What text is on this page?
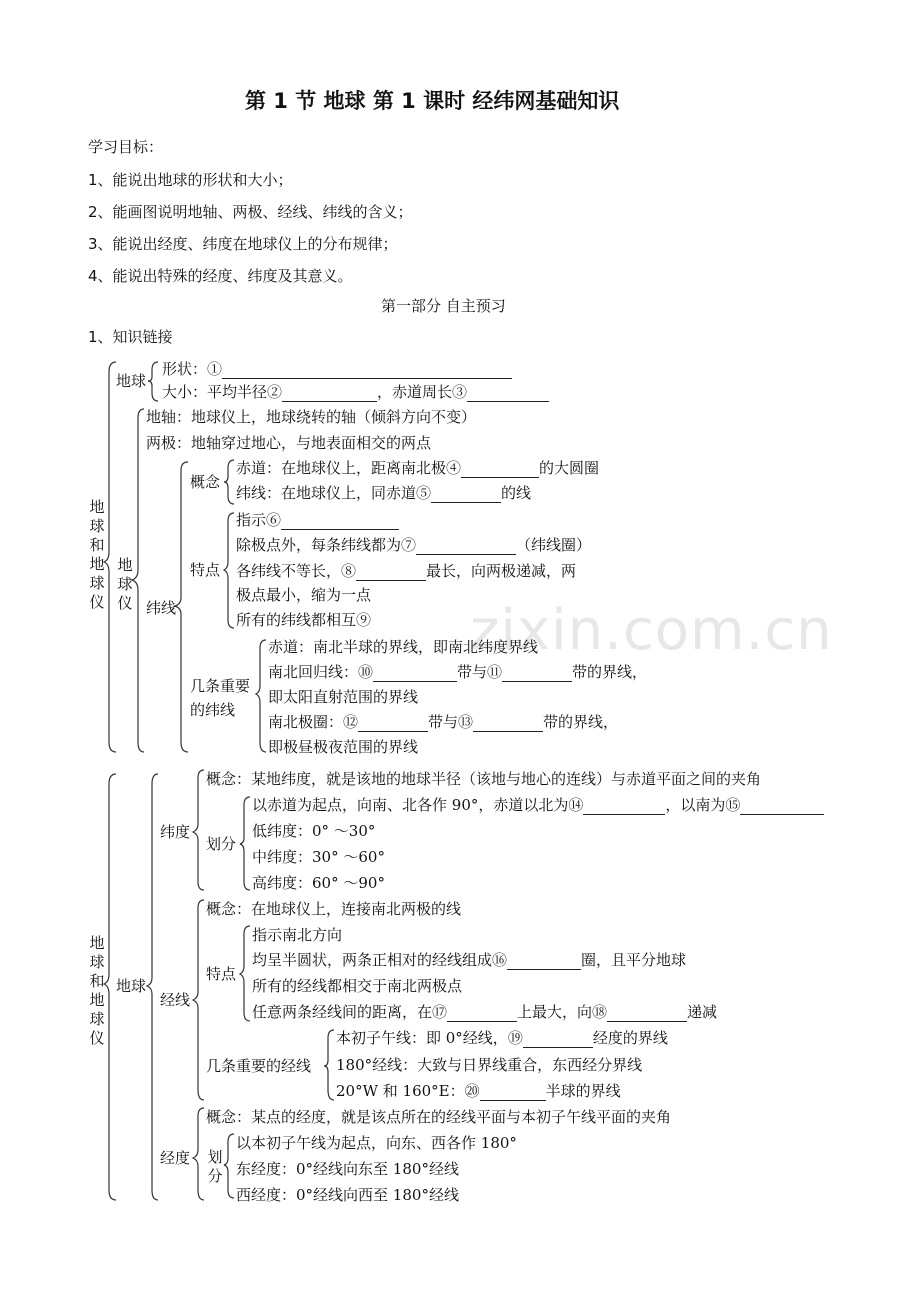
zixin.com.cn
第 1 节 地球 第 1 课时 经纬网基础知识
学习目标：
1、能说出地球的形状和大小；
2、能画图说明地轴、两极、经线、纬线的含义；
3、能说出经度、纬度在地球仪上的分布规律；
4、能说出特殊的经度、纬度及其意义。
第一部分 自主预习
1、知识链接
地球和地球仪
地球
形状：①
大小：平均半径②	，赤道周长③
地轴：地球仪上，地球绕转的轴（倾斜方向不变）
两极：地轴穿过地心，与地表面相交的两点
地球仪 纬线
概念
赤道：在地球仪上，距离南北极④	的大圆圈
纬线：在地球仪上，同赤道⑤	的线
特点
指示⑥
除极点外，每条纬线都为⑦	（纬线圈）
各纬线不等长，⑧	最长，向两极递减，两
极点最小，缩为一点
所有的纬线都相互⑨
几条重要
的纬线
赤道：南北半球的界线，即南北纬度界线
南北回归线：⑩	带与⑪	带的界线，
即太阳直射范围的界线
南北极圈：⑫	带与⑬	带的界线，
即极昼极夜范围的界线
地球和地球仪
地球
纬度
概念：某地纬度，就是该地的地球半径（该地与地心的连线）与赤道平面之间的夹角
划分
以赤道为起点，向南、北各作 90°，赤道以北为⑭	，以南为⑮
低纬度：0° ～30°
中纬度：30° ～60°
高纬度：60° ～90°
经线
概念：在地球仪上，连接南北两极的线
特点
指示南北方向
均呈半圆状，两条正相对的经线组成⑯	圈，且平分地球
所有的经线都相交于南北两极点
任意两条经线间的距离，在⑰	上最大，向⑱	递减
几条重要的经线
本初子午线：即 0°经线，⑲	经度的界线
180°经线：大致与日界线重合，东西经分界线
20°W 和 160°E：⑳	半球的界线
经度
概念：某点的经度，就是该点所在的经线平面与本初子午线平面的夹角
划分
以本初子午线为起点，向东、西各作 180°
东经度：0°经线向东至 180°经线
西经度：0°经线向西至 180°经线
